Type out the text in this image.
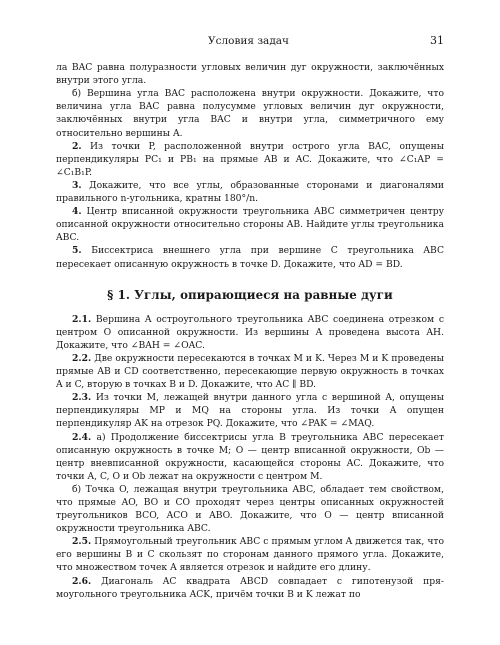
Условия задач	31

ла BAC равна полуразности угловых величин дуг окружности, заключённых внутри этого угла.

б) Вершина угла BAC расположена внутри окружности. Докажите, что величина угла BAC равна полусумме угловых величин дуг окружности, заключённых внутри угла BAC и внутри угла, симметричного ему относительно вершины A.

2. Из точки P, расположенной внутри острого угла BAC, опущены перпендикуляры PC₁ и PB₁ на прямые AB и AC. Докажите, что ∠C₁AP = ∠C₁B₁P.

3. Докажите, что все углы, образованные сторонами и диагоналями правильного n-угольника, кратны 180°/n.

4. Центр вписанной окружности треугольника ABC симметричен центру описанной окружности относительно стороны AB. Найдите углы треугольника ABC.

5. Биссектриса внешнего угла при вершине C треугольника ABC пересекает описанную окружность в точке D. Докажите, что AD = BD.

§ 1. Углы, опирающиеся на равные дуги

2.1. Вершина A остроугольного треугольника ABC соединена отрезком с центром O описанной окружности. Из вершины A проведена высота AH. Докажите, что ∠BAH = ∠OAC.

2.2. Две окружности пересекаются в точках M и K. Через M и K проведены прямые AB и CD соответственно, пересекающие первую окружность в точках A и C, вторую в точках B и D. Докажите, что AC ∥ BD.

2.3. Из точки M, лежащей внутри данного угла с вершиной A, опущены перпендикуляры MP и MQ на стороны угла. Из точки A опущен перпендикуляр AK на отрезок PQ. Докажите, что ∠PAK = ∠MAQ.

2.4. а) Продолжение биссектрисы угла B треугольника ABC пересекает описанную окружность в точке M; O — центр вписанной окружности, Ob — центр вневписанной окружности, касающейся стороны AC. Докажите, что точки A, C, O и Ob лежат на окружности с центром M.

б) Точка O, лежащая внутри треугольника ABC, обладает тем свойством, что прямые AO, BO и CO проходят через центры описанных окружностей треугольников BCO, ACO и ABO. Докажите, что O — центр вписанной окружности треугольника ABC.

2.5. Прямоугольный треугольник ABC с прямым углом A движется так, что его вершины B и C скользят по сторонам данного прямого угла. Докажите, что множеством точек A является отрезок и найдите его длину.

2.6. Диагональ AC квадрата ABCD совпадает с гипотенузой прямоугольного треугольника ACK, причём точки B и K лежат по
